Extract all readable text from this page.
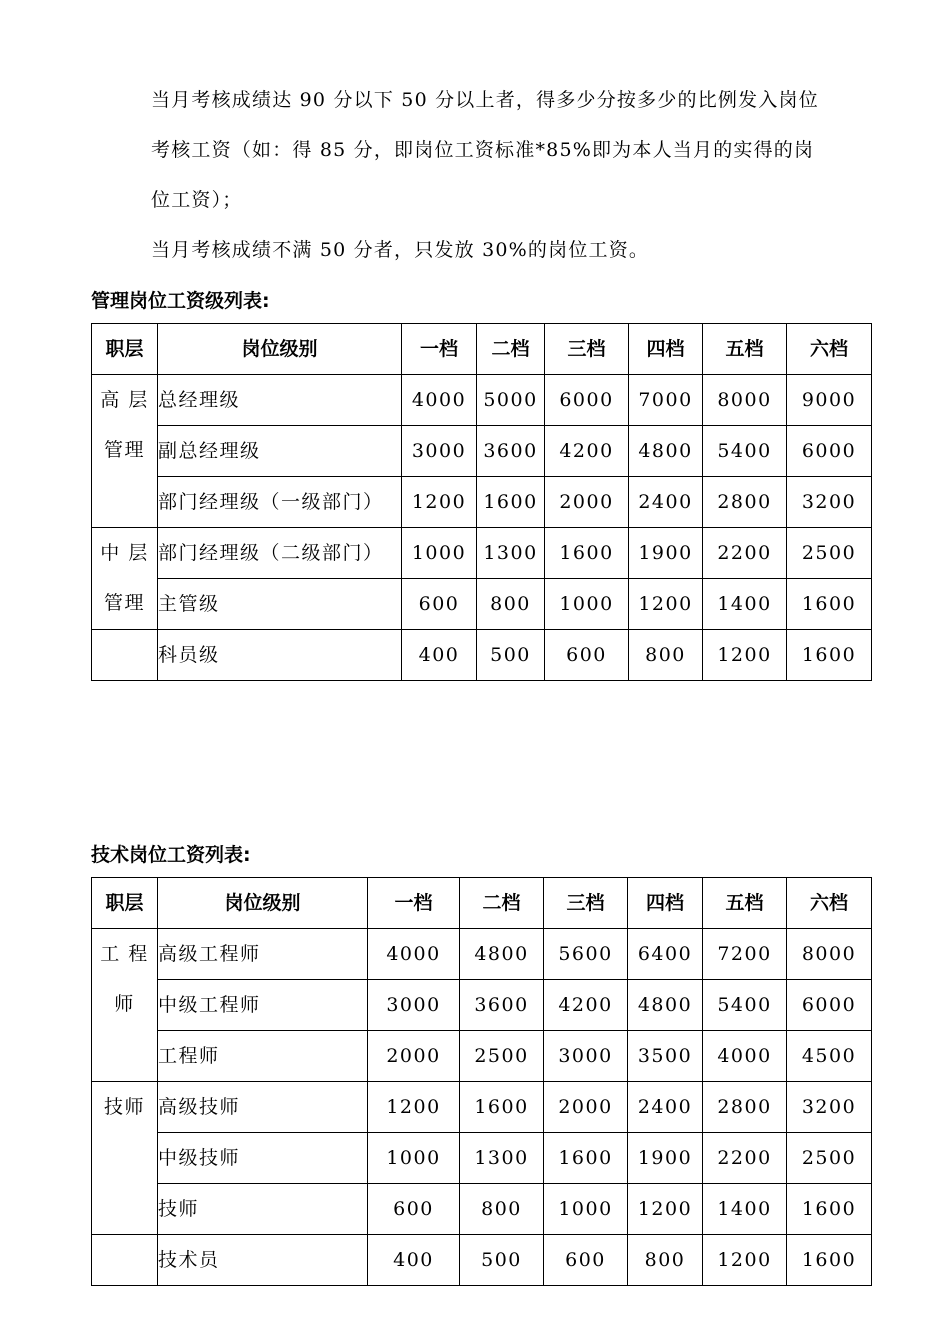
当月考核成绩达 90 分以下 50 分以上者，得多少分按多少的比例发入岗位

考核工资（如：得 85 分，即岗位工资标准*85%即为本人当月的实得的岗

位工资）；

当月考核成绩不满 50 分者，只发放 30%的岗位工资。

管理岗位工资级列表:

职层	岗位级别	一档	二档	三档	四档	五档	六档

高 层
管理	总经理级	4000	5000	6000	7000	8000	9000
	副总经理级	3000	3600	4200	4800	5400	6000
	部门经理级（一级部门）	1200	1600	2000	2400	2800	3200

中 层
管理	部门经理级（二级部门）	1000	1300	1600	1900	2200	2500
	主管级	600	800	1000	1200	1400	1600

	科员级	400	500	600	800	1200	1600

技术岗位工资列表:

职层	岗位级别	一档	二档	三档	四档	五档	六档

工 程
师	高级工程师	4000	4800	5600	6400	7200	8000
	中级工程师	3000	3600	4200	4800	5400	6000
	工程师	2000	2500	3000	3500	4000	4500

技师	高级技师	1200	1600	2000	2400	2800	3200
	中级技师	1000	1300	1600	1900	2200	2500
	技师	600	800	1000	1200	1400	1600

	技术员	400	500	600	800	1200	1600
